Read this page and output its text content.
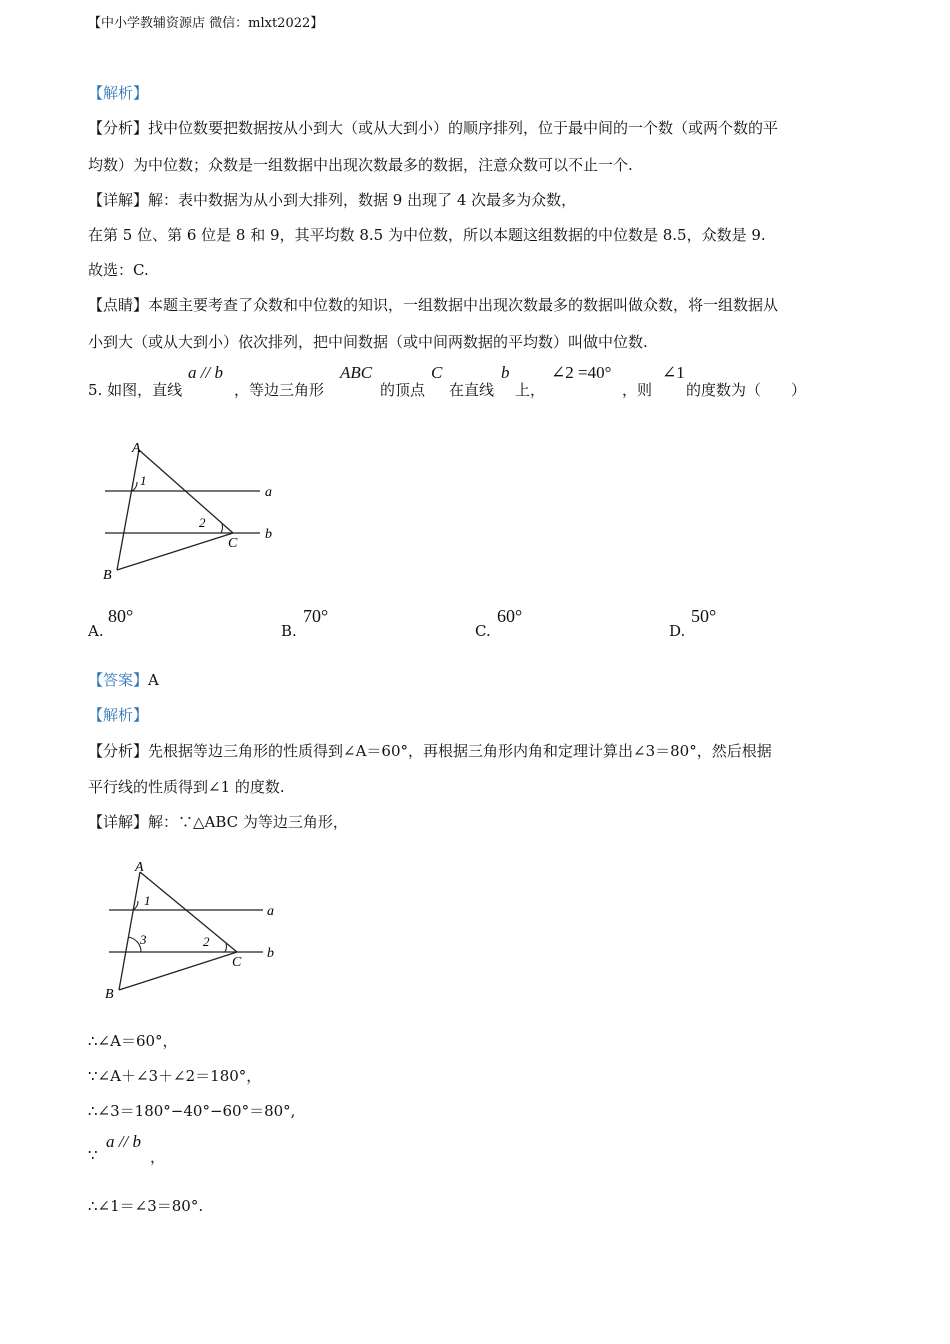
【中小学教辅资源店 微信：mlxt2022】
【解析】
【分析】找中位数要把数据按从小到大（或从大到小）的顺序排列，位于最中间的一个数（或两个数的平
均数）为中位数；众数是一组数据中出现次数最多的数据，注意众数可以不止一个.
【详解】解：表中数据为从小到大排列，数据 9 出现了 4 次最多为众数，
在第 5 位、第 6 位是 8 和 9，其平均数 8.5 为中位数，所以本题这组数据的中位数是 8.5，众数是 9.
故选：C.
【点睛】本题主要考查了众数和中位数的知识，一组数据中出现次数最多的数据叫做众数，将一组数据从
小到大（或从大到小）依次排列，把中间数据（或中间两数据的平均数）叫做中位数.
5. 如图，直线
a // b
，等边三角形
ABC
的顶点
C
在直线
b
上，
∠2 =40°
，则
∠1
的度数为（　　）
A
1
2
C
B
a
b
A.
80°
B.
70°
C.
60°
D.
50°
【答案】A
【解析】
【分析】先根据等边三角形的性质得到∠A＝60°，再根据三角形内角和定理计算出∠3＝80°，然后根据
平行线的性质得到∠1 的度数.
【详解】解：∵△ABC 为等边三角形，
A
1
3	2
C
B
a
b
∴∠A＝60°，
∵∠A＋∠3＋∠2＝180°，
∴∠3＝180°−40°−60°＝80°,
∵
a // b
，
∴∠1＝∠3＝80°.
